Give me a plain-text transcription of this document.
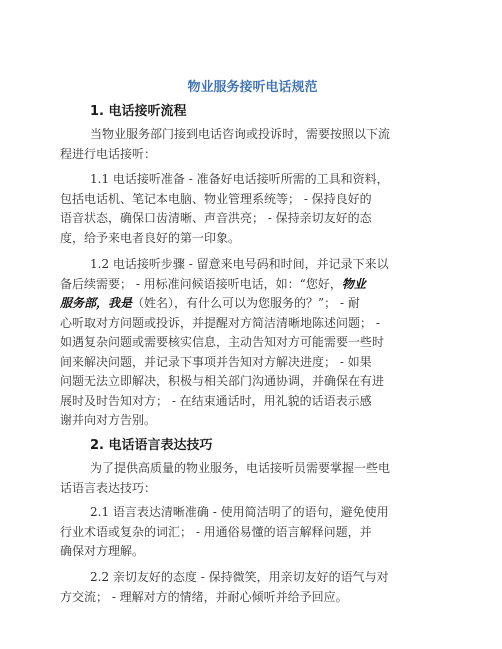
物业服务接听电话规范
1. 电话接听流程
当物业服务部门接到电话咨询或投诉时，需要按照以下流
程进行电话接听：
1.1 电话接听准备 - 准备好电话接听所需的工具和资料，
包括电话机、笔记本电脑、物业管理系统等； - 保持良好的
语音状态，确保口齿清晰、声音洪亮； - 保持亲切友好的态
度，给予来电者良好的第一印象。
1.2 电话接听步骤 - 留意来电号码和时间，并记录下来以
备后续需要； - 用标准问候语接听电话，如：“您好，物业
服务部，我是（姓名），有什么可以为您服务的？”； - 耐
心听取对方问题或投诉，并提醒对方简洁清晰地陈述问题； -
如遇复杂问题或需要核实信息，主动告知对方可能需要一些时
间来解决问题，并记录下事项并告知对方解决进度； - 如果
问题无法立即解决，积极与相关部门沟通协调，并确保在有进
展时及时告知对方； - 在结束通话时，用礼貌的话语表示感
谢并向对方告别。
2. 电话语言表达技巧
为了提供高质量的物业服务，电话接听员需要掌握一些电
话语言表达技巧：
2.1 语言表达清晰准确 - 使用简洁明了的语句，避免使用
行业术语或复杂的词汇； - 用通俗易懂的语言解释问题，并
确保对方理解。
2.2 亲切友好的态度 - 保持微笑，用亲切友好的语气与对
方交流； - 理解对方的情绪，并耐心倾听并给予回应。
